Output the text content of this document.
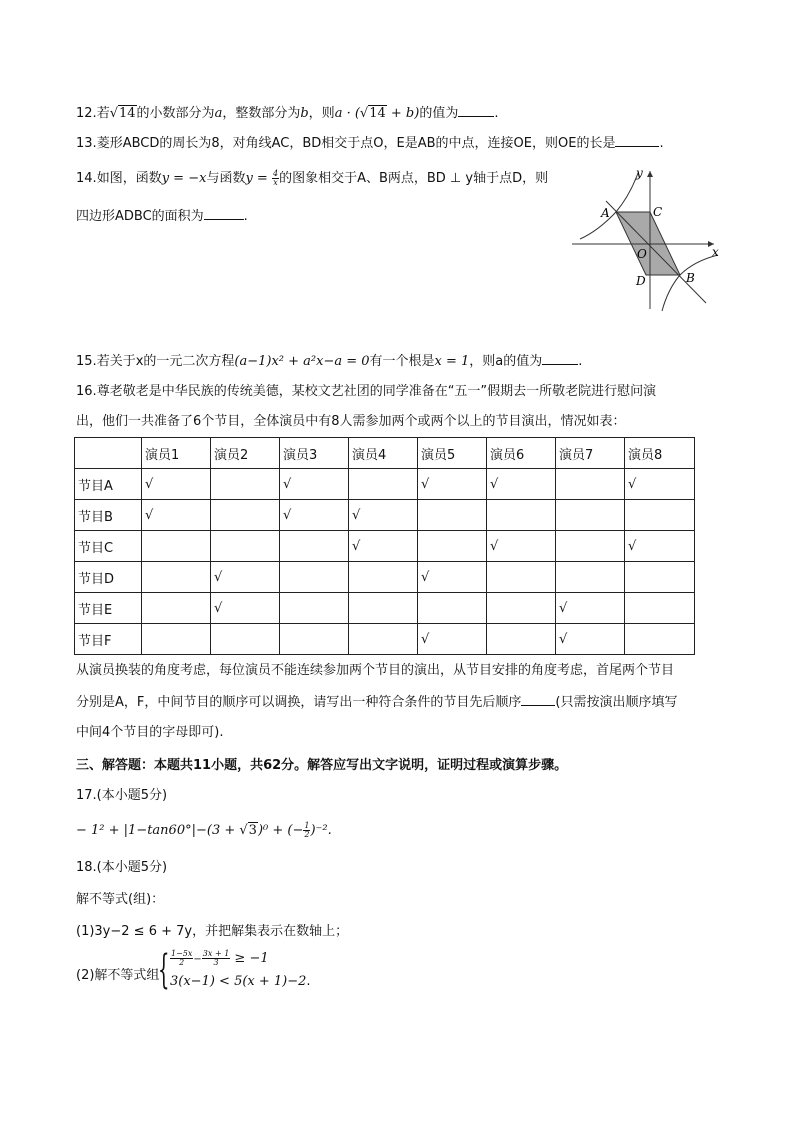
12.若√14的小数部分为a，整数部分为b，则a · (√14 + b)的值为	.
13.菱形ABCD的周长为8，对角线AC，BD相交于点O，E是AB的中点，连接OE，则OE的长是	.
14.如图，函数y = −x与函数$y = \frac{4}{x}$ 的图象相交于A、B两点，BD ⊥ y轴于点D，则
四边形ADBC的面积为	.
y
x
A	C
O
D	B
15.若关于x的一元二次方程(a−1)x² + a²x−a = 0有一个根是x = 1，则a的值为	.
16.尊老敬老是中华民族的传统美德，某校文艺社团的同学准备在“五一”假期去一所敬老院进行慰问演
出，他们一共准备了6个节目，全体演员中有8人需参加两个或两个以上的节目演出，情况如表：
	演员1	演员2	演员3	演员4	演员5	演员6	演员7	演员8
节目A	√		√		√	√		√
节目B	√		√	√				
节目C				√		√		√
节目D		√			√			
节目E		√					√	
节目F					√		√	
从演员换装的角度考虑，每位演员不能连续参加两个节目的演出，从节目安排的角度考虑，首尾两个节目
分别是A，F，中间节目的顺序可以调换，请写出一种符合条件的节目先后顺序	(只需按演出顺序填写
中间4个节目的字母即可).
三、解答题：本题共11小题，共62分。解答应写出文字说明，证明过程或演算步骤。
17.(本小题5分)
− 1² + |1−tan60°|−(3 + √3)⁰ + (− $\frac{1}{2} )^{-2}$.
18.(本小题5分)
解不等式(组)：
(1)3y−2 ≤ 6 + 7y，并把解集表示在数轴上；
(2)解不等式组
{ $\frac{1-5x}{2} - \frac{3x + 1}{3} \ge -1$
3(x−1) < 5(x + 1)−2.
